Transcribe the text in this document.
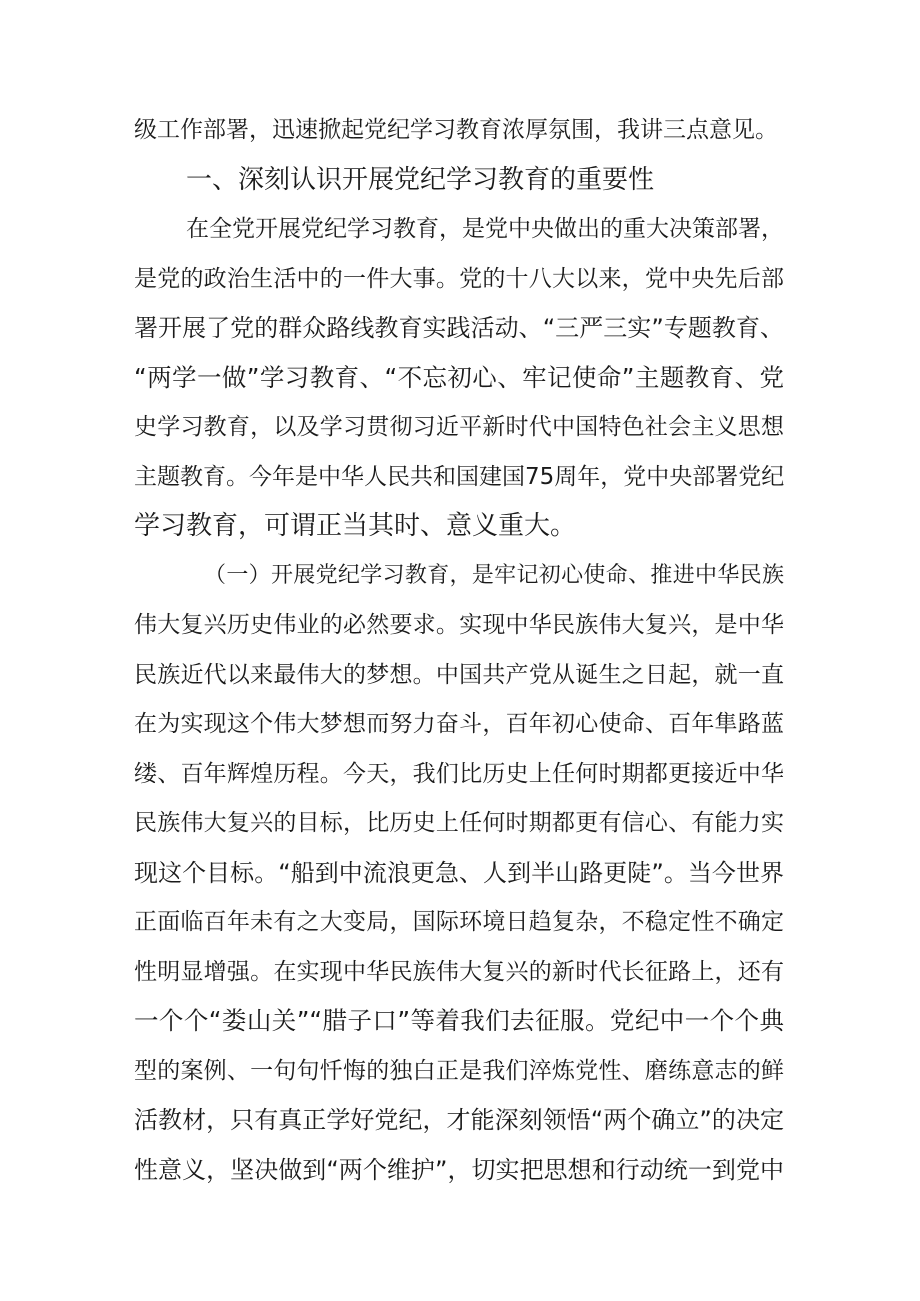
级工作部署，迅速掀起党纪学习教育浓厚氛围，我讲三点意见。
一、深刻认识开展党纪学习教育的重要性
在全党开展党纪学习教育，是党中央做出的重大决策部署，
是党的政治生活中的一件大事。党的十八大以来，党中央先后部
署开展了党的群众路线教育实践活动、“三严三实”专题教育、
“两学一做”学习教育、“不忘初心、牢记使命”主题教育、党
史学习教育，以及学习贯彻习近平新时代中国特色社会主义思想
主题教育。今年是中华人民共和国建国75周年，党中央部署党纪
学习教育，可谓正当其时、意义重大。
（一）开展党纪学习教育，是牢记初心使命、推进中华民族
伟大复兴历史伟业的必然要求。实现中华民族伟大复兴，是中华
民族近代以来最伟大的梦想。中国共产党从诞生之日起，就一直
在为实现这个伟大梦想而努力奋斗，百年初心使命、百年隼路蓝
缕、百年辉煌历程。今天，我们比历史上任何时期都更接近中华
民族伟大复兴的目标，比历史上任何时期都更有信心、有能力实
现这个目标。“船到中流浪更急、人到半山路更陡”。当今世界
正面临百年未有之大变局，国际环境日趋复杂，不稳定性不确定
性明显增强。在实现中华民族伟大复兴的新时代长征路上，还有
一个个“娄山关”“腊子口”等着我们去征服。党纪中一个个典
型的案例、一句句忏悔的独白正是我们淬炼党性、磨练意志的鲜
活教材，只有真正学好党纪，才能深刻领悟“两个确立”的决定
性意义，坚决做到“两个维护”，切实把思想和行动统一到党中
